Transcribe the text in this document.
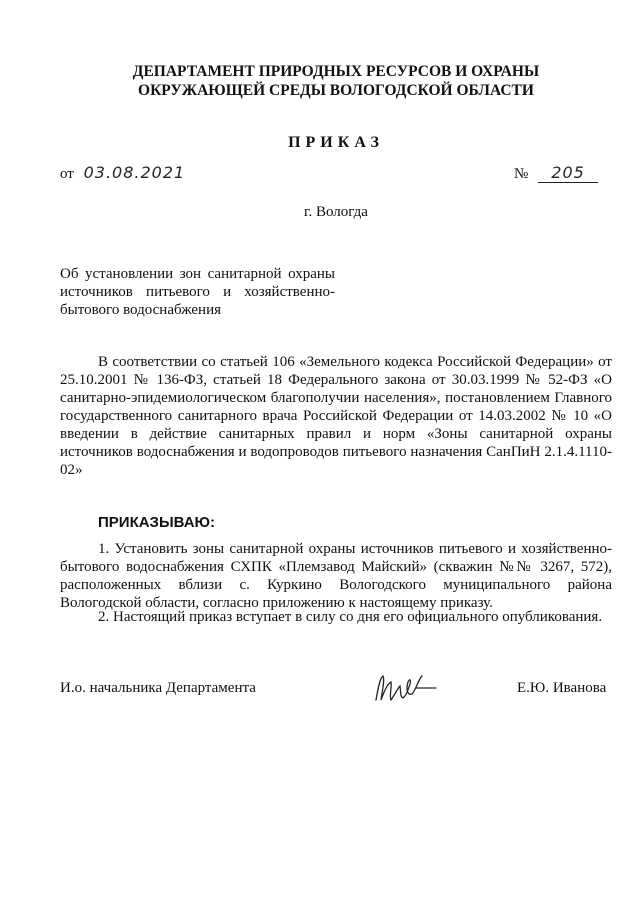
ДЕПАРТАМЕНТ ПРИРОДНЫХ РЕСУРСОВ И ОХРАНЫ
ОКРУЖАЮЩЕЙ СРЕДЫ ВОЛОГОДСКОЙ ОБЛАСТИ
ПРИКАЗ
от 03.08.2021	№ 205
г. Вологда
Об установлении зон санитарной охраны источников питьевого и хозяйственно-бытового водоснабжения
В соответствии со статьей 106 «Земельного кодекса Российской Федерации» от 25.10.2001 № 136-ФЗ, статьей 18 Федерального закона от 30.03.1999 № 52-ФЗ «О санитарно-эпидемиологическом благополучии населения», постановлением Главного государственного санитарного врача Российской Федерации от 14.03.2002 № 10 «О введении в действие санитарных правил и норм «Зоны санитарной охраны источников водоснабжения и водопроводов питьевого назначения СанПиН 2.1.4.1110-02»
ПРИКАЗЫВАЮ:
1. Установить зоны санитарной охраны источников питьевого и хозяйственно-бытового водоснабжения СХПК «Племзавод Майский» (скважин №№ 3267, 572), расположенных вблизи с. Куркино Вологодского муниципального района Вологодской области, согласно приложению к настоящему приказу.
2. Настоящий приказ вступает в силу со дня его официального опубликования.
И.о. начальника Департамента	Е.Ю. Иванова
